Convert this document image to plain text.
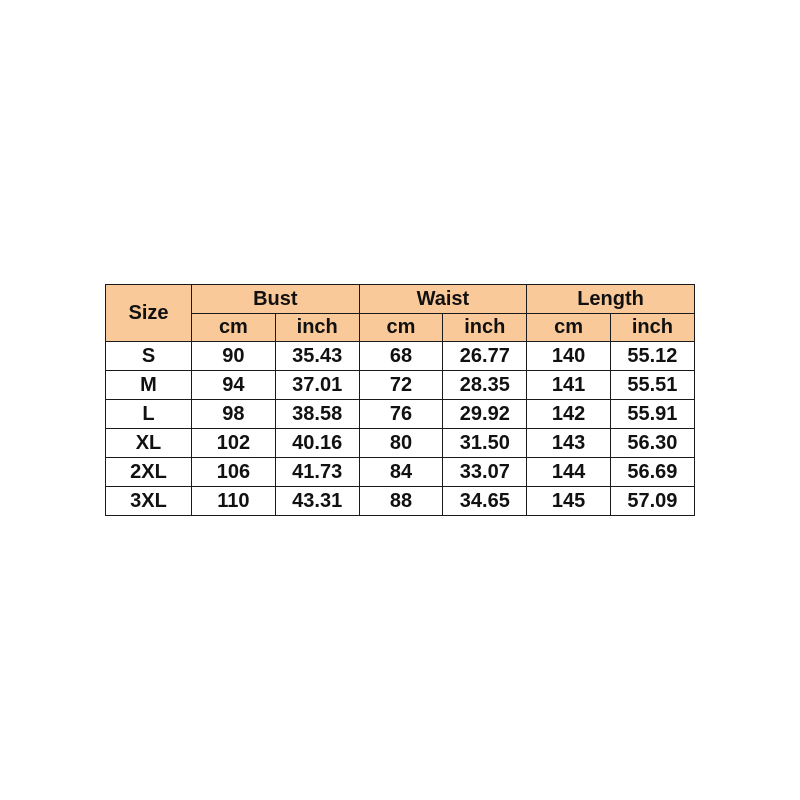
Size	Bust		Waist		Length	
	cm	inch	cm	inch	cm	inch
S	90	35.43	68	26.77	140	55.12
M	94	37.01	72	28.35	141	55.51
L	98	38.58	76	29.92	142	55.91
XL	102	40.16	80	31.50	143	56.30
2XL	106	41.73	84	33.07	144	56.69
3XL	110	43.31	88	34.65	145	57.09
